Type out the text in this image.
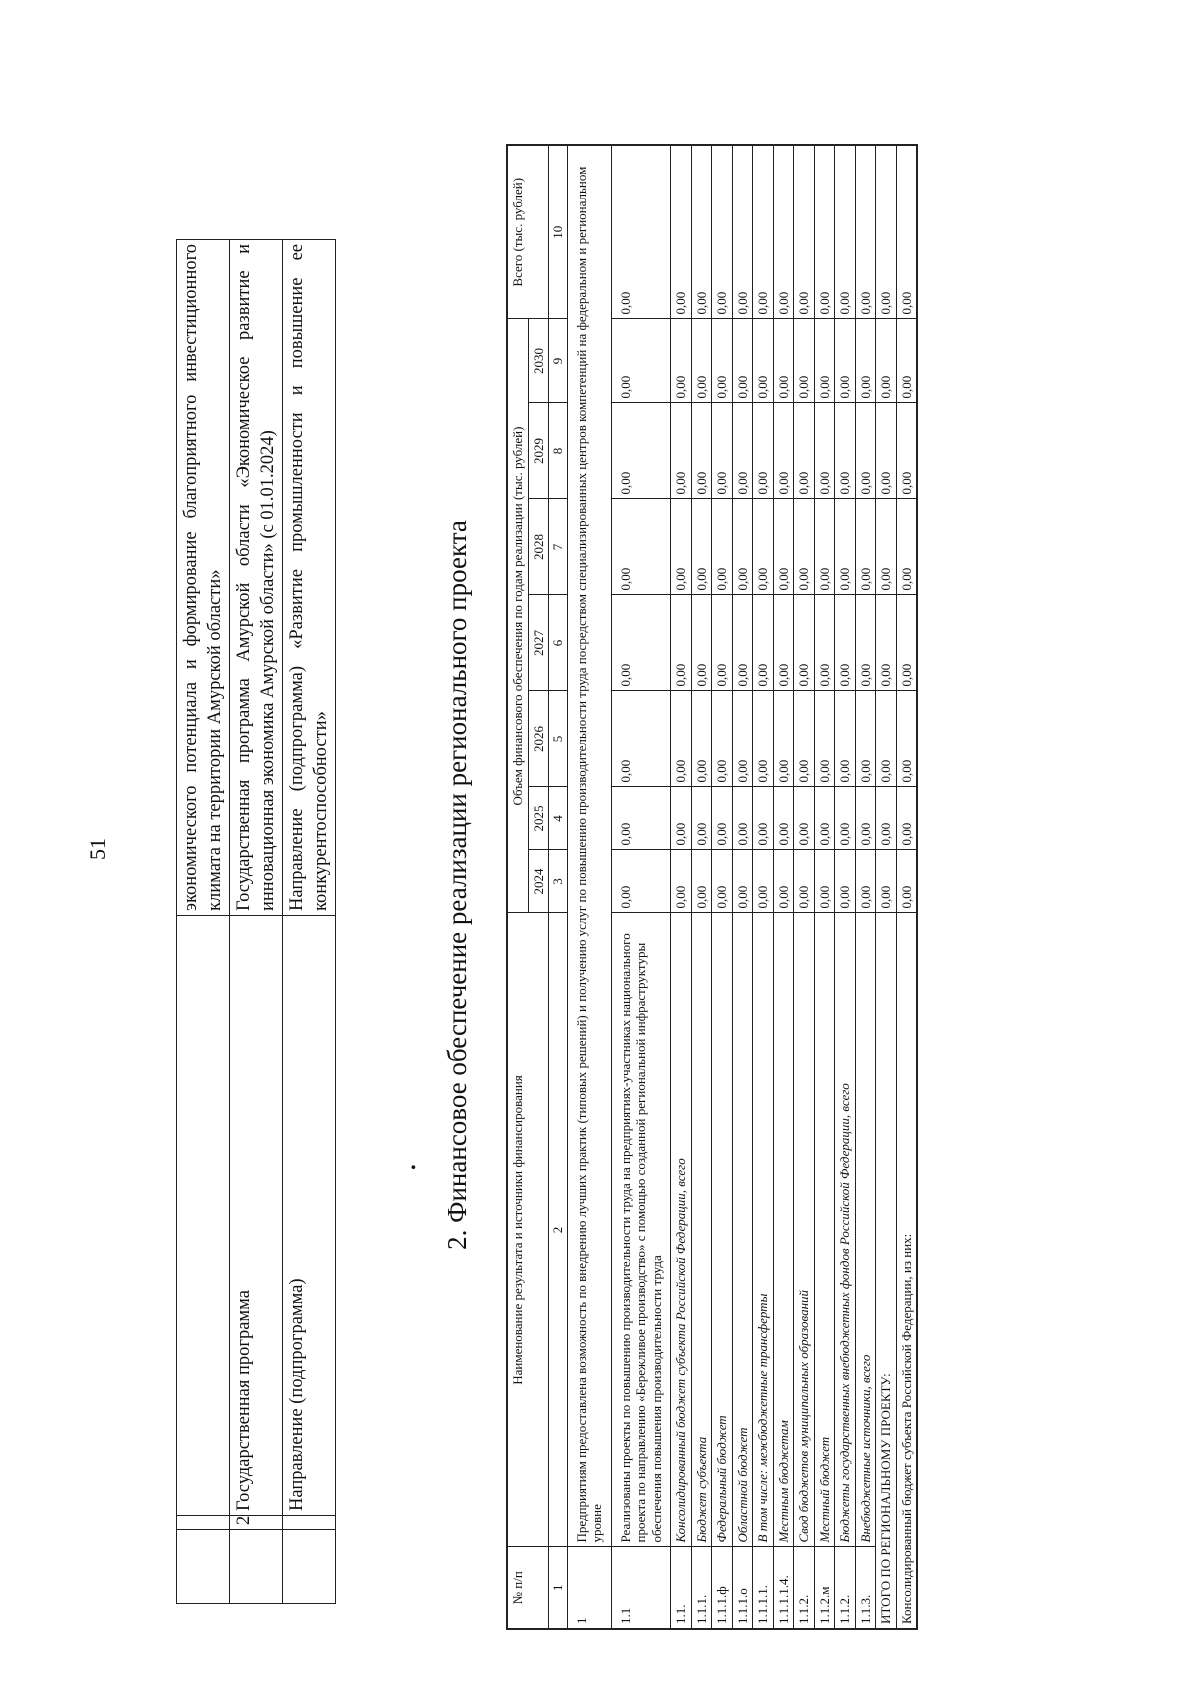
51
				экономического потенциала и формирование благоприятного инвестиционного климата на территории Амурской области»
	2	Государственная программа	Государственная программа Амурской области «Экономическое развитие и инновационная экономика Амурской области» (с 01.01.2024)
		Направление (подпрограмма)	Направление (подпрограмма) «Развитие промышленности и повышение ее конкурентоспособности»
• 2. Финансовое обеспечение реализации регионального проекта
№ п/п	Наименование результата и источники финансирования	Объем финансового обеспечения по годам реализации (тыс. рублей)							Всего (тыс. рублей)
		2024	2025	2026	2027	2028	2029	2030	
1	2	3	4	5	6	7	8	9	10
1	Предприятиям предоставлена возможность по внедрению лучших практик (типовых решений) и получению услуг по повышению производительности труда посредством специализированных центров компетенций на федеральном и региональном уровне								
1.1	Реализованы проекты по повышению производительности труда на предприятиях-участниках национального проекта по направлению «Бережливое производство» с помощью созданной региональной инфраструктуры обеспечения повышения производительности труда	0,00	0,00	0,00	0,00	0,00	0,00	0,00	0,00
1.1.	Консолидированный бюджет субъекта Российской Федерации, всего	0,00	0,00	0,00	0,00	0,00	0,00	0,00	0,00
1.1.1.	Бюджет субъекта	0,00	0,00	0,00	0,00	0,00	0,00	0,00	0,00
1.1.1.ф	Федеральный бюджет	0,00	0,00	0,00	0,00	0,00	0,00	0,00	0,00
1.1.1.о	Областной бюджет	0,00	0,00	0,00	0,00	0,00	0,00	0,00	0,00
1.1.1.1.	В том числе: межбюджетные трансферты	0,00	0,00	0,00	0,00	0,00	0,00	0,00	0,00
1.1.1.1.4.	Местным бюджетам	0,00	0,00	0,00	0,00	0,00	0,00	0,00	0,00
1.1.2.	Свод бюджетов муниципальных образований	0,00	0,00	0,00	0,00	0,00	0,00	0,00	0,00
1.1.2.м	Местный бюджет	0,00	0,00	0,00	0,00	0,00	0,00	0,00	0,00
1.1.2.	Бюджеты государственных внебюджетных фондов Российской Федерации, всего	0,00	0,00	0,00	0,00	0,00	0,00	0,00	0,00
1.1.3.	Внебюджетные источники, всего	0,00	0,00	0,00	0,00	0,00	0,00	0,00	0,00
ИТОГО ПО РЕГИОНАЛЬНОМУ ПРОЕКТУ:		0,00	0,00	0,00	0,00	0,00	0,00	0,00	0,00
Консолидированный бюджет субъекта Российской Федерации, из них:		0,00	0,00	0,00	0,00	0,00	0,00	0,00	0,00
